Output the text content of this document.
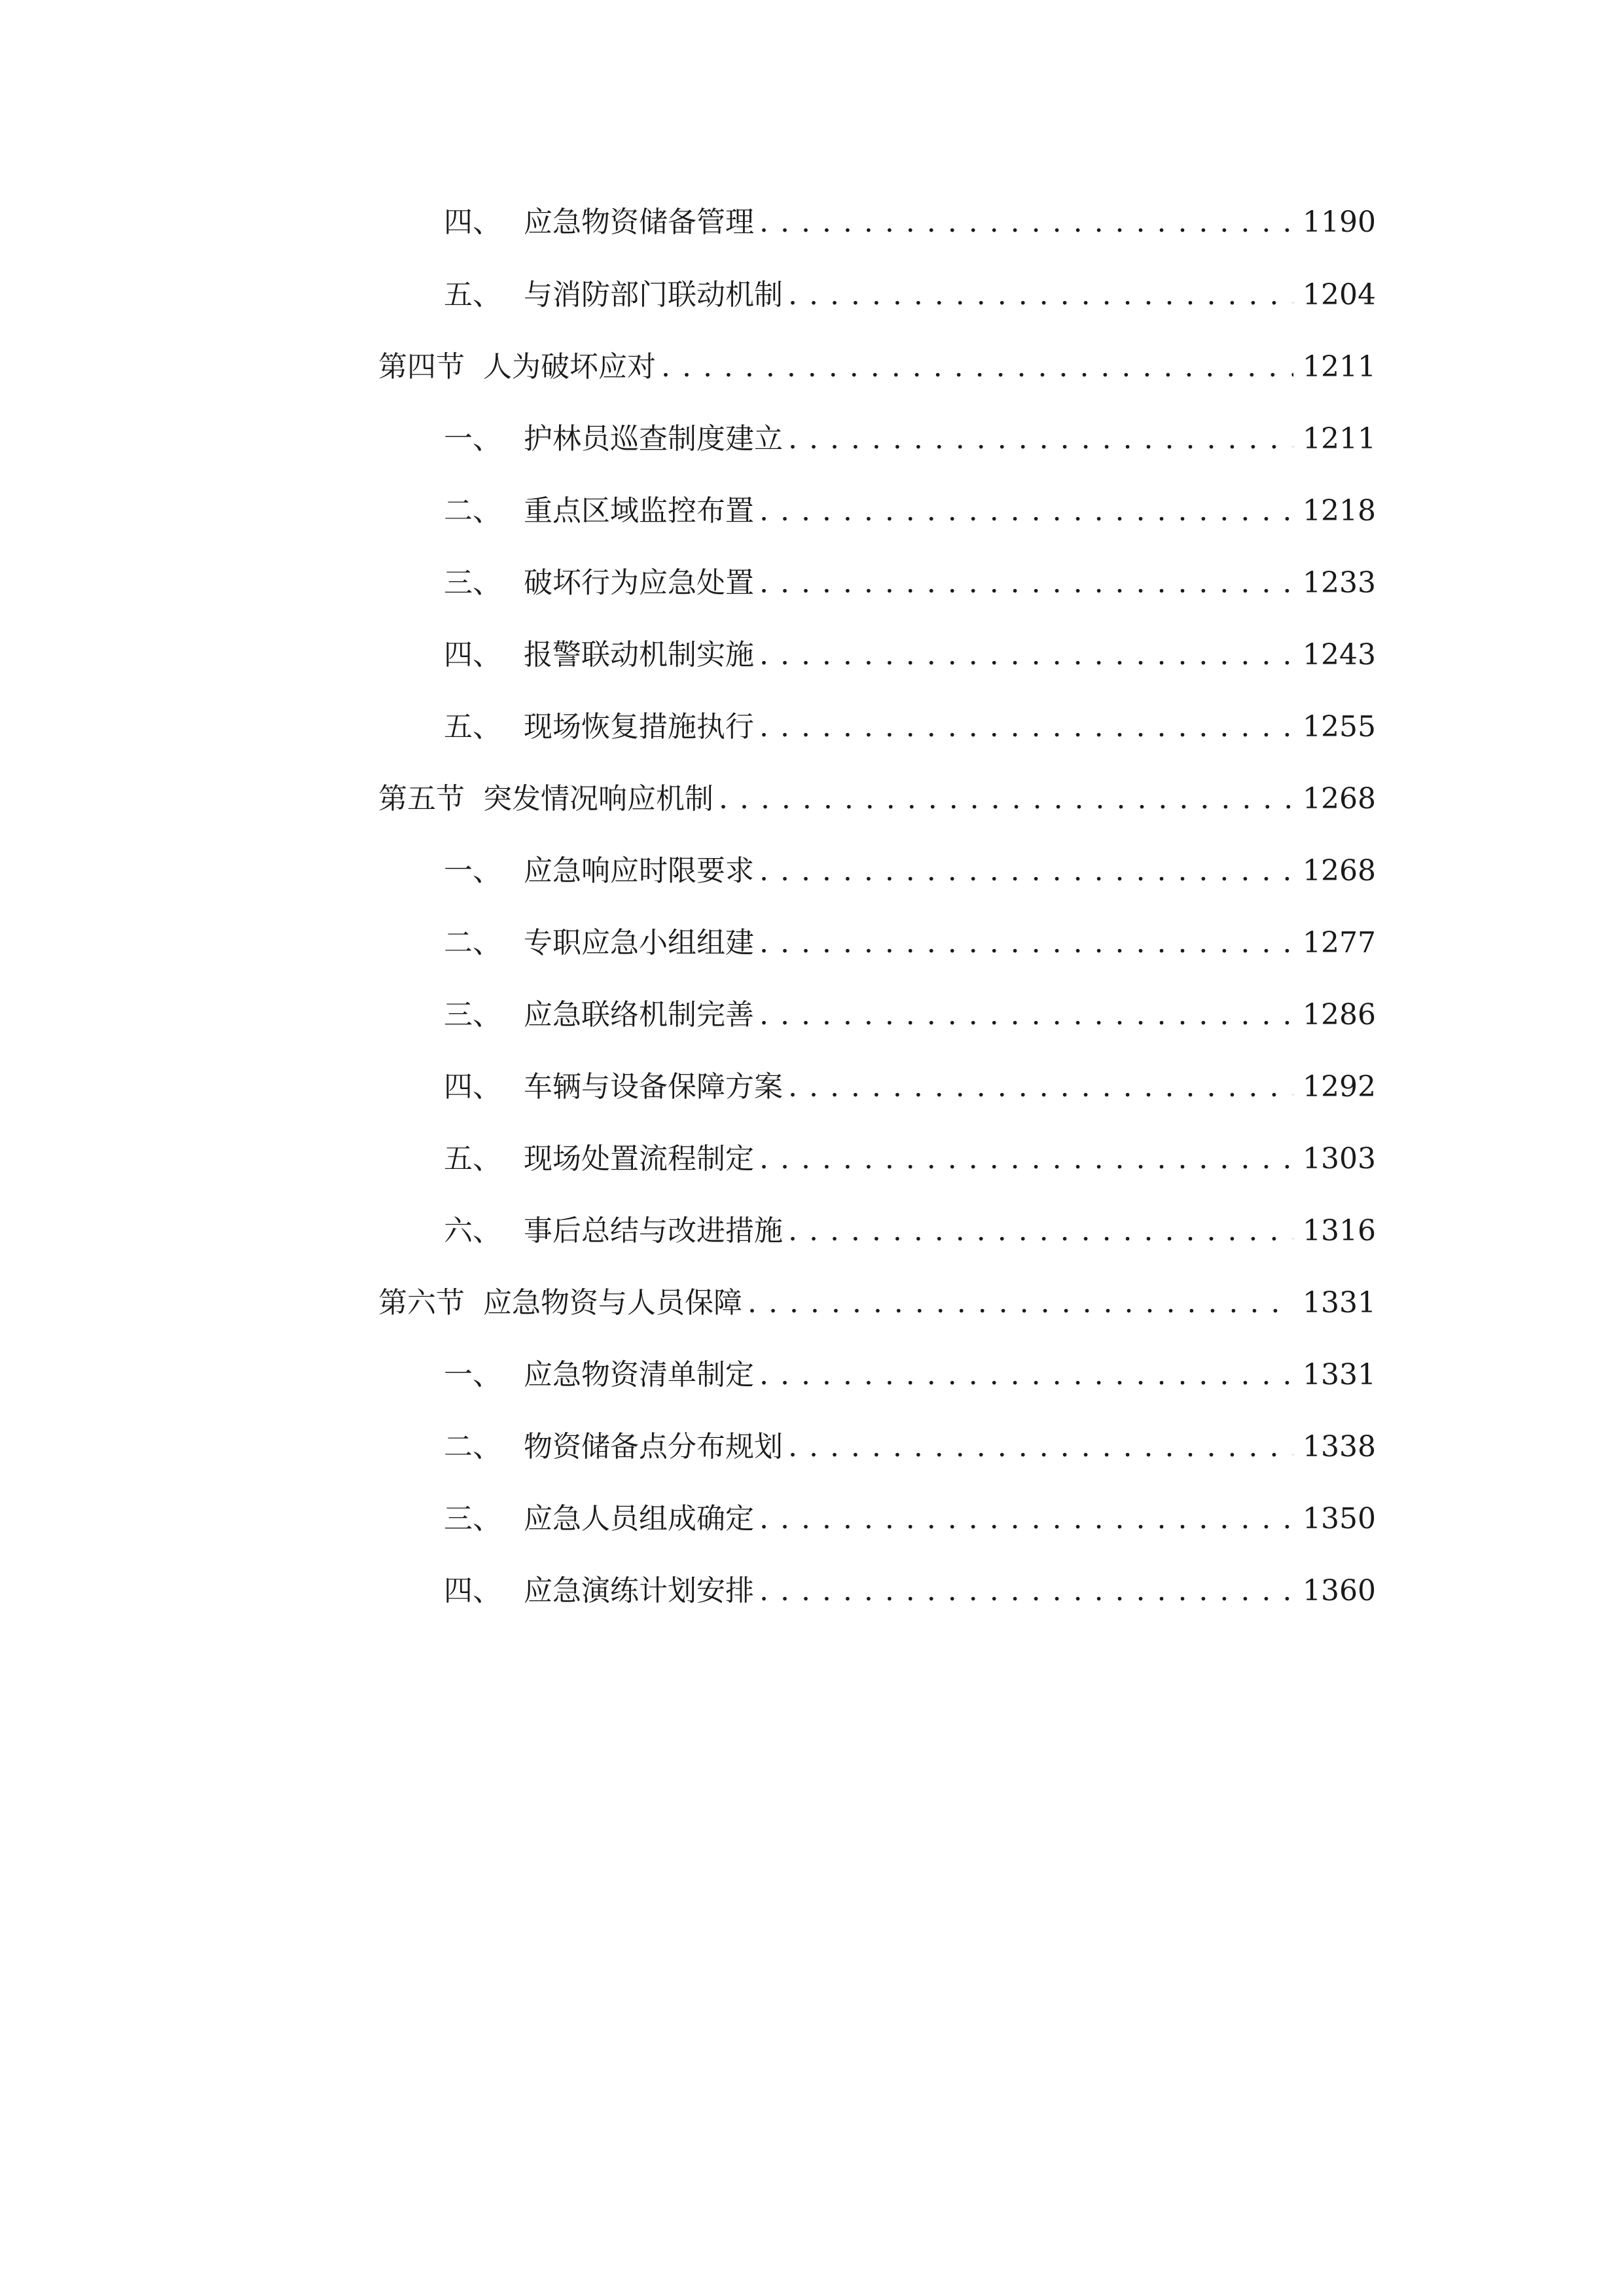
四、 应急物资储备管理 . . .	1190
五、 与消防部门联动机制 . . .	1204
第四节 人为破坏应对 . . .	1211
一、 护林员巡查制度建立 . . .	1211
二、 重点区域监控布置 . . .	1218
三、 破坏行为应急处置 . . .	1233
四、 报警联动机制实施 . . .	1243
五、 现场恢复措施执行 . . .	1255
第五节 突发情况响应机制 . . .	1268
一、 应急响应时限要求 . . .	1268
二、 专职应急小组组建 . . .	1277
三、 应急联络机制完善 . . .	1286
四、 车辆与设备保障方案 . . .	1292
五、 现场处置流程制定 . . .	1303
六、 事后总结与改进措施 . . .	1316
第六节 应急物资与人员保障 . . .	1331
一、 应急物资清单制定 . . .	1331
二、 物资储备点分布规划 . . .	1338
三、 应急人员组成确定 . . .	1350
四、 应急演练计划安排 . . .	1360
